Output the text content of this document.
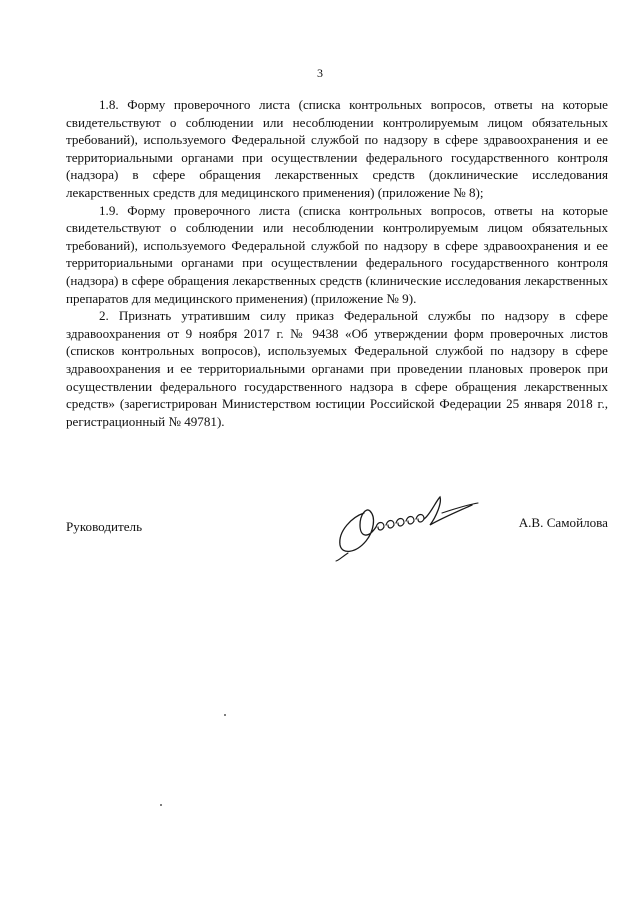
3

1.8. Форму проверочного листа (списка контрольных вопросов, ответы на которые свидетельствуют о соблюдении или несоблюдении контролируемым лицом обязательных требований), используемого Федеральной службой по надзору в сфере здравоохранения и ее территориальными органами при осуществлении федерального государственного контроля (надзора) в сфере обращения лекарственных средств (доклинические исследования лекарственных средств для медицинского применения) (приложение № 8);

1.9. Форму проверочного листа (списка контрольных вопросов, ответы на которые свидетельствуют о соблюдении или несоблюдении контролируемым лицом обязательных требований), используемого Федеральной службой по надзору в сфере здравоохранения и ее территориальными органами при осуществлении федерального государственного контроля (надзора) в сфере обращения лекарственных средств (клинические исследования лекарственных препаратов для медицинского применения) (приложение № 9).

2. Признать утратившим силу приказ Федеральной службы по надзору в сфере здравоохранения от 9 ноября 2017 г. № 9438 «Об утверждении форм проверочных листов (списков контрольных вопросов), используемых Федеральной службой по надзору в сфере здравоохранения и ее территориальными органами при проведении плановых проверок при осуществлении федерального государственного надзора в сфере обращения лекарственных средств» (зарегистрирован Министерством юстиции Российской Федерации 25 января 2018 г., регистрационный № 49781).

Руководитель	А.В. Самойлова
